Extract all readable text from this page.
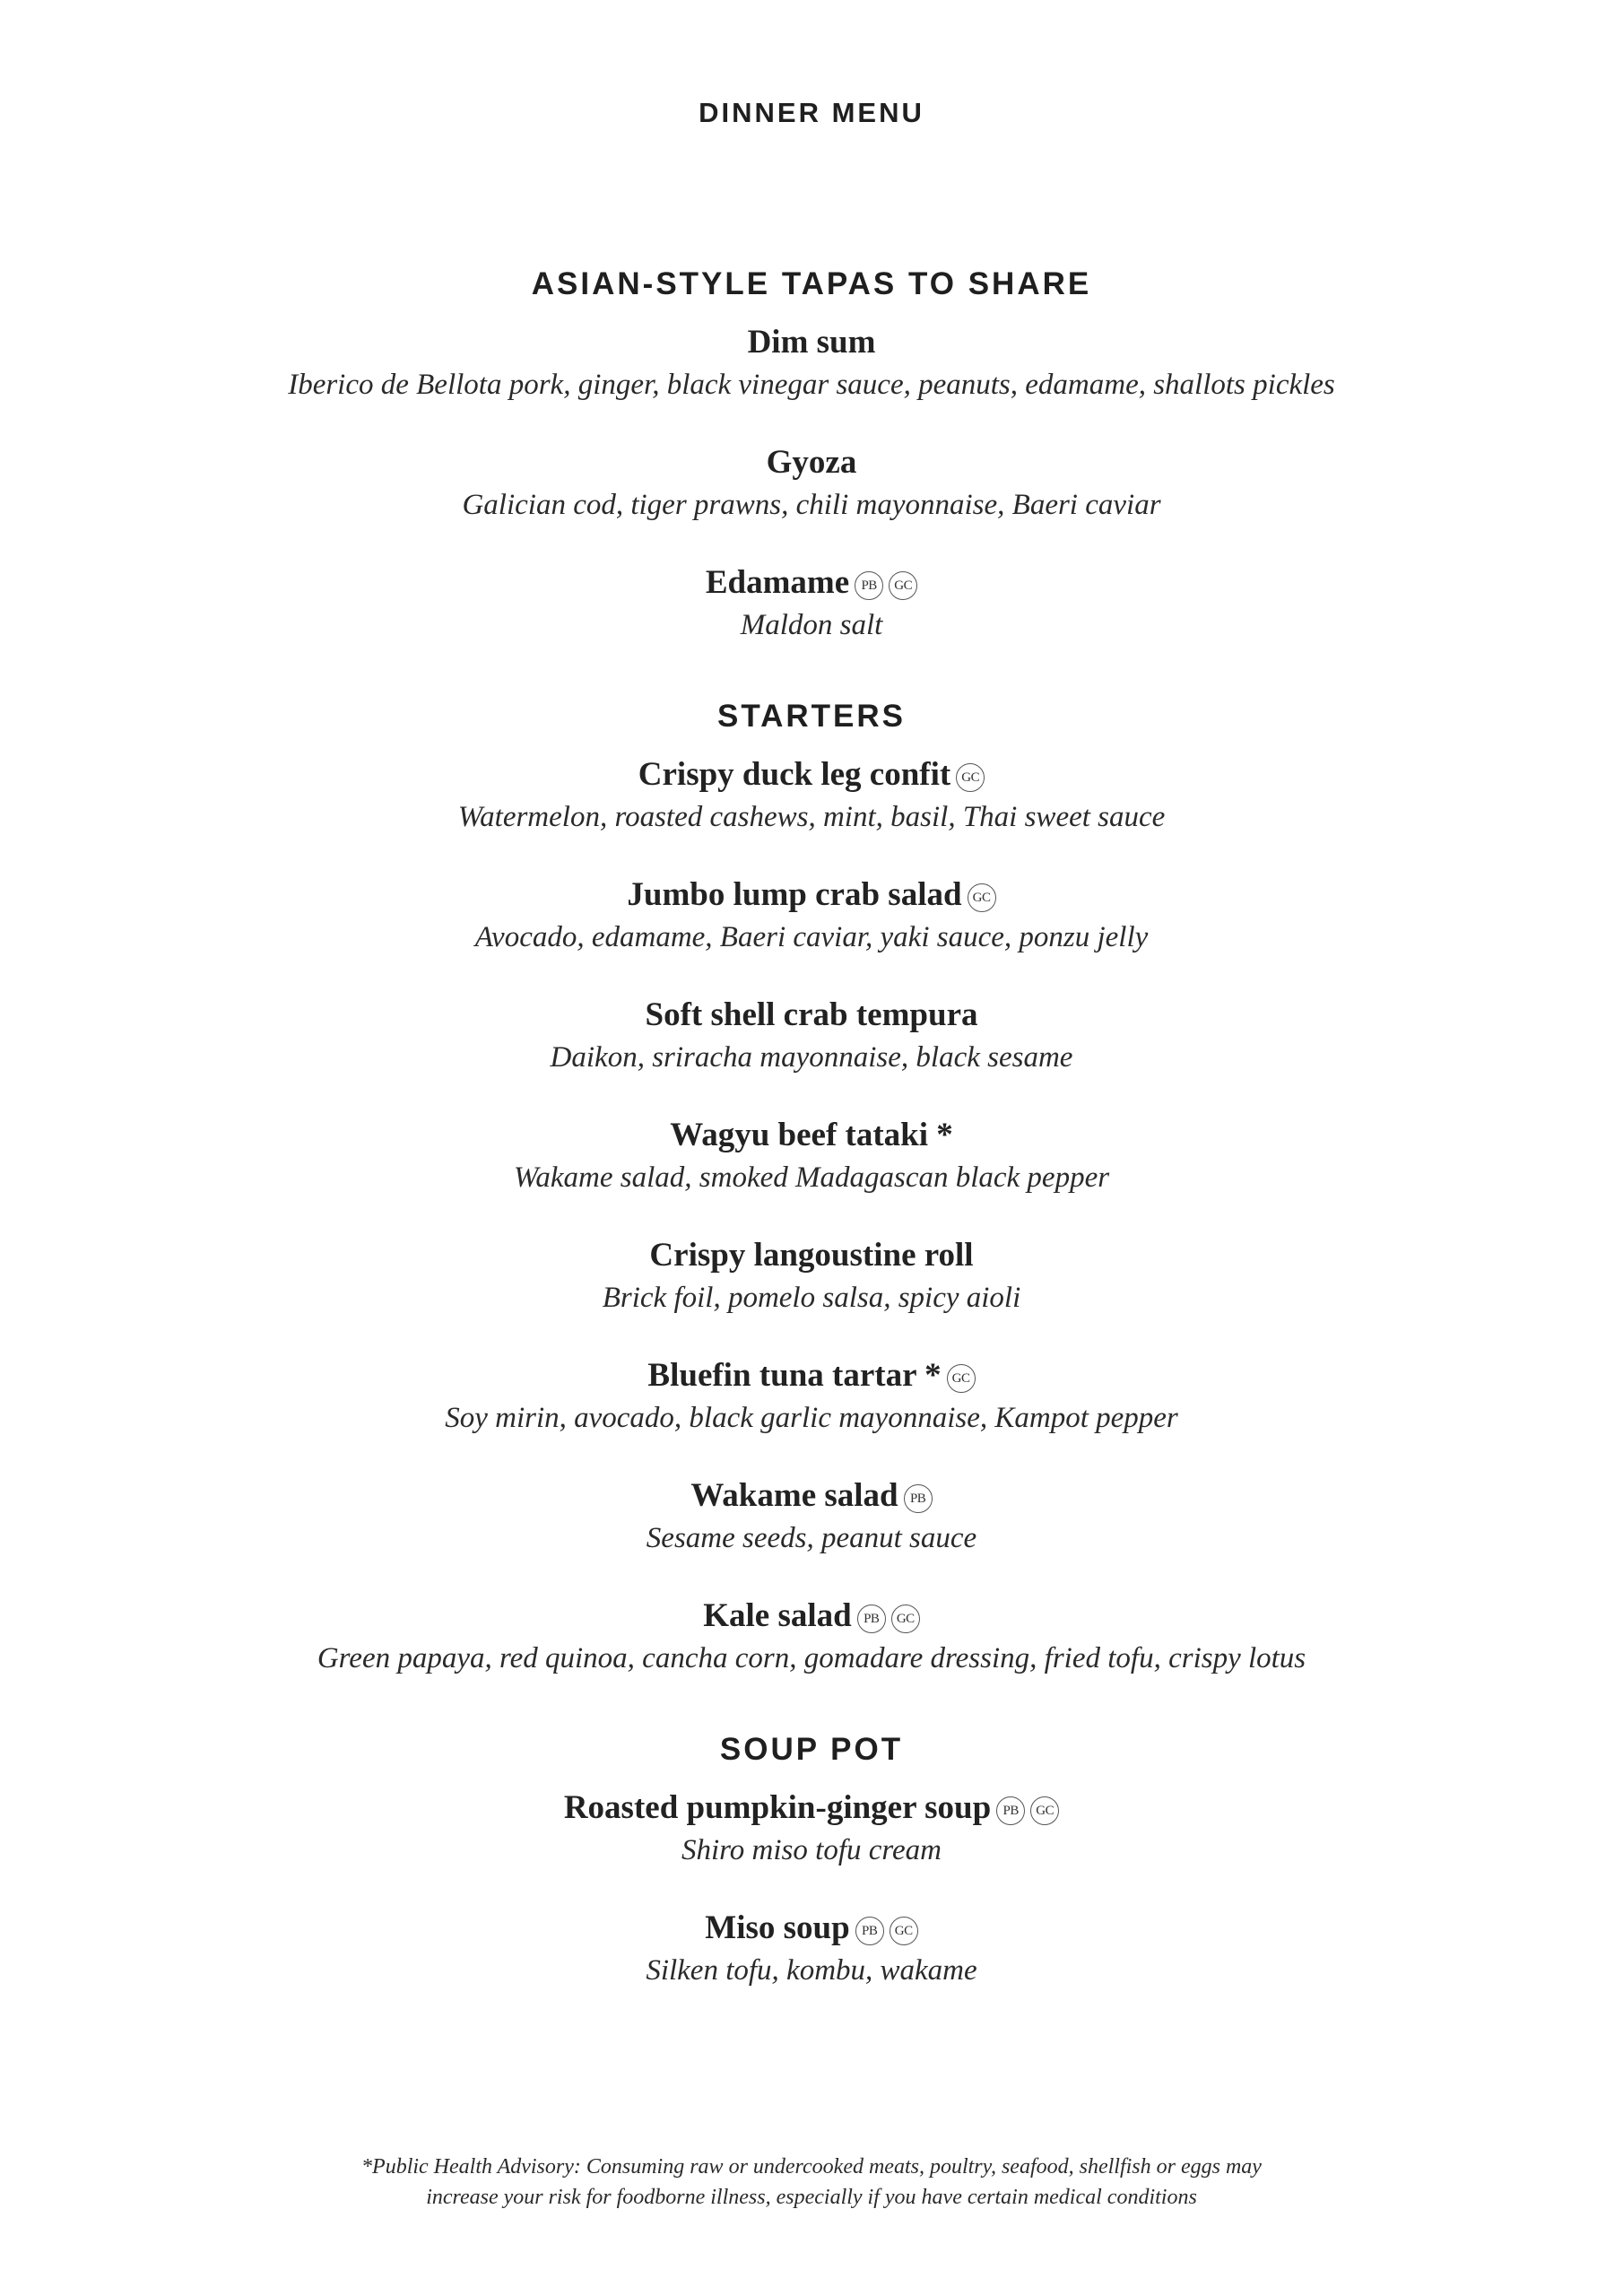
DINNER MENU
ASIAN-STYLE TAPAS TO SHARE
Dim sum
Iberico de Bellota pork, ginger, black vinegar sauce, peanuts, edamame, shallots pickles
Gyoza
Galician cod, tiger prawns, chili mayonnaise, Baeri caviar
Edamame PB GC
Maldon salt
STARTERS
Crispy duck leg confit GC
Watermelon, roasted cashews, mint, basil, Thai sweet sauce
Jumbo lump crab salad GC
Avocado, edamame, Baeri caviar, yaki sauce, ponzu jelly
Soft shell crab tempura
Daikon, sriracha mayonnaise, black sesame
Wagyu beef tataki *
Wakame salad, smoked Madagascan black pepper
Crispy langoustine roll
Brick foil, pomelo salsa, spicy aioli
Bluefin tuna tartar * GC
Soy mirin, avocado, black garlic mayonnaise, Kampot pepper
Wakame salad PB
Sesame seeds, peanut sauce
Kale salad PB GC
Green papaya, red quinoa, cancha corn, gomadare dressing, fried tofu, crispy lotus
SOUP POT
Roasted pumpkin-ginger soup PB GC
Shiro miso tofu cream
Miso soup PB GC
Silken tofu, kombu, wakame
*Public Health Advisory: Consuming raw or undercooked meats, poultry, seafood, shellfish or eggs may
increase your risk for foodborne illness, especially if you have certain medical conditions
